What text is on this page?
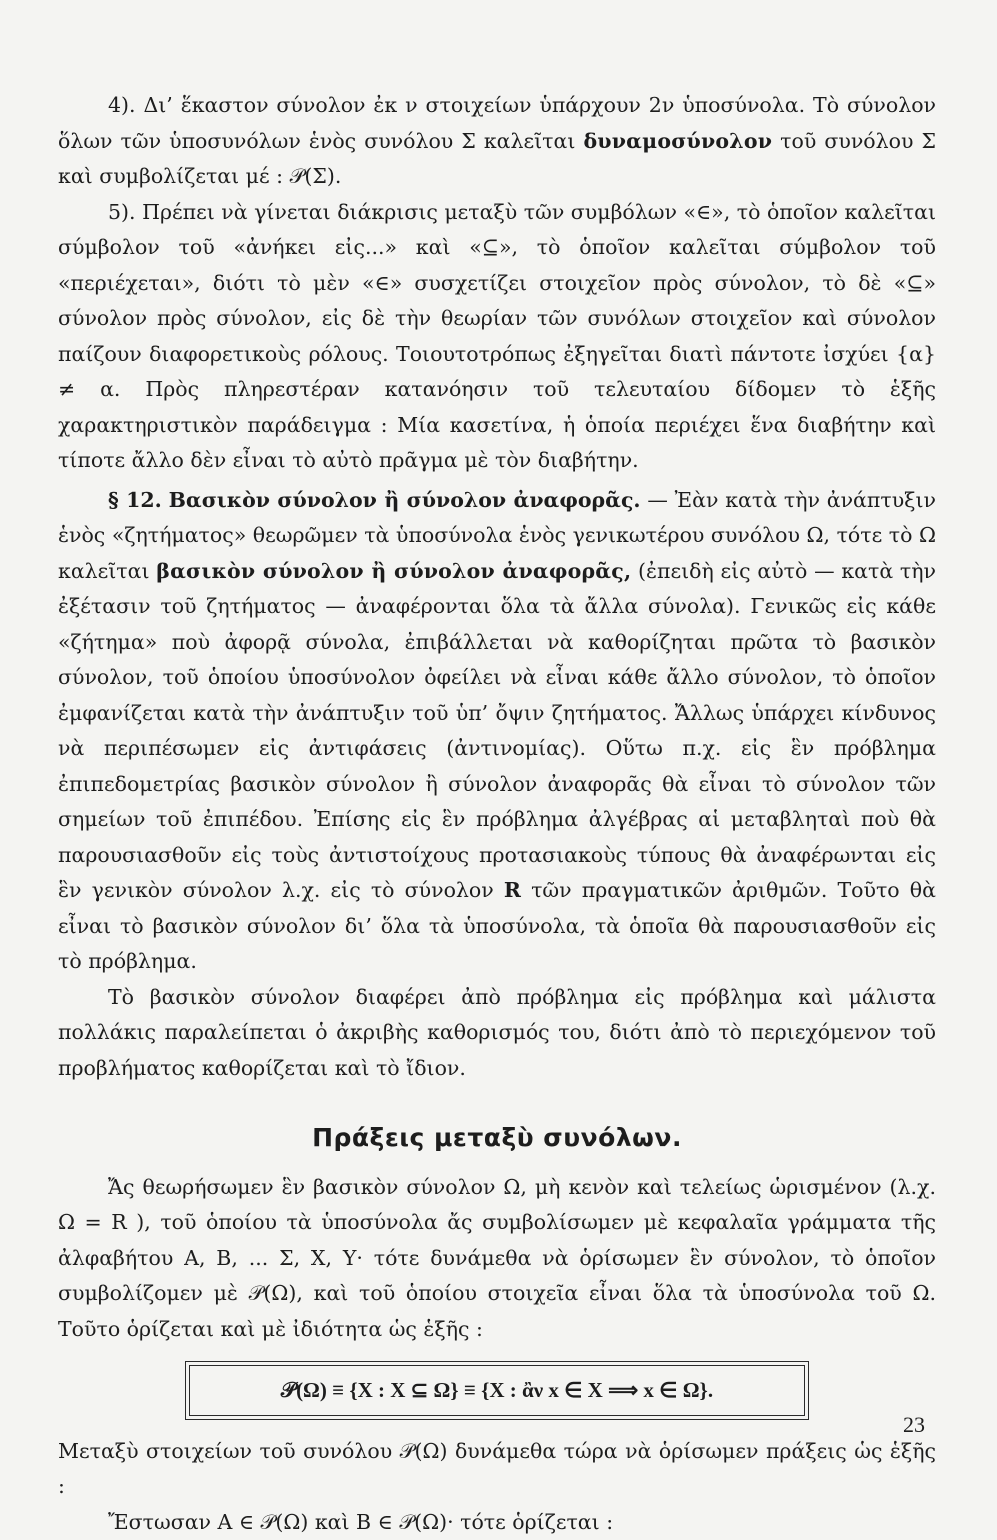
4). Δι’ ἕκαστον σύνολον ἐκ ν στοιχείων ὑπάρχουν 2ν ὑποσύνολα. Τὸ σύνολον ὅλων τῶν ὑποσυνόλων ἑνὸς συνόλου Σ καλεῖται δυναμοσύνολον τοῦ συνόλου Σ καὶ συμβολίζεται μέ : 𝒫(Σ).

5). Πρέπει νὰ γίνεται διάκρισις μεταξὺ τῶν συμβόλων «∈», τὸ ὁποῖον καλεῖται σύμβολον τοῦ «ἀνήκει εἰς...» καὶ «⊆», τὸ ὁποῖον καλεῖται σύμβολον τοῦ «περιέχεται», διότι τὸ μὲν «∈» συσχετίζει στοιχεῖον πρὸς σύνολον, τὸ δὲ «⊆» σύνολον πρὸς σύνολον, εἰς δὲ τὴν θεωρίαν τῶν συνόλων στοιχεῖον καὶ σύνολον παίζουν διαφορετικοὺς ρόλους. Τοιουτοτρόπως ἐξηγεῖται διατὶ πάντοτε ἰσχύει {α} ≠ α. Πρὸς πληρεστέραν κατανόησιν τοῦ τελευταίου δίδομεν τὸ ἑξῆς χαρακτηριστικὸν παράδειγμα : Μία κασετίνα, ἡ ὁποία περιέχει ἕνα διαβήτην καὶ τίποτε ἄλλο δὲν εἶναι τὸ αὐτὸ πρᾶγμα μὲ τὸν διαβήτην.

§ 12. Βασικὸν σύνολον ἢ σύνολον ἀναφορᾶς. — Ἐὰν κατὰ τὴν ἀνάπτυξιν ἑνὸς «ζητήματος» θεωρῶμεν τὰ ὑποσύνολα ἑνὸς γενικωτέρου συνόλου Ω, τότε τὸ Ω καλεῖται βασικὸν σύνολον ἢ σύνολον ἀναφορᾶς, (ἐπειδὴ εἰς αὐτὸ — κατὰ τὴν ἐξέτασιν τοῦ ζητήματος — ἀναφέρονται ὅλα τὰ ἄλλα σύνολα). Γενικῶς εἰς κάθε «ζήτημα» ποὺ ἀφορᾷ σύνολα, ἐπιβάλλεται νὰ καθορίζηται πρῶτα τὸ βασικὸν σύνολον, τοῦ ὁποίου ὑποσύνολον ὀφείλει νὰ εἶναι κάθε ἄλλο σύνολον, τὸ ὁποῖον ἐμφανίζεται κατὰ τὴν ἀνάπτυξιν τοῦ ὑπ’ ὄψιν ζητήματος. Ἄλλως ὑπάρχει κίνδυνος νὰ περιπέσωμεν εἰς ἀντιφάσεις (ἀντινομίας). Οὕτω π.χ. εἰς ἓν πρόβλημα ἐπιπεδομετρίας βασικὸν σύνολον ἢ σύνολον ἀναφορᾶς θὰ εἶναι τὸ σύνολον τῶν σημείων τοῦ ἐπιπέδου. Ἐπίσης εἰς ἓν πρόβλημα ἀλγέβρας αἱ μεταβληταὶ ποὺ θὰ παρουσιασθοῦν εἰς τοὺς ἀντιστοίχους προτασιακοὺς τύπους θὰ ἀναφέρωνται εἰς ἓν γενικὸν σύνολον λ.χ. εἰς τὸ σύνολον R τῶν πραγματικῶν ἀριθμῶν. Τοῦτο θὰ εἶναι τὸ βασικὸν σύνολον δι’ ὅλα τὰ ὑποσύνολα, τὰ ὁποῖα θὰ παρουσιασθοῦν εἰς τὸ πρόβλημα.

Τὸ βασικὸν σύνολον διαφέρει ἀπὸ πρόβλημα εἰς πρόβλημα καὶ μάλιστα πολλάκις παραλείπεται ὁ ἀκριβὴς καθορισμός του, διότι ἀπὸ τὸ περιεχόμενον τοῦ προβλήματος καθορίζεται καὶ τὸ ἴδιον.

Πράξεις μεταξὺ συνόλων.

Ἄς θεωρήσωμεν ἓν βασικὸν σύνολον Ω, μὴ κενὸν καὶ τελείως ὡρισμένον (λ.χ. Ω = R ), τοῦ ὁποίου τὰ ὑποσύνολα ἄς συμβολίσωμεν μὲ κεφαλαῖα γράμματα τῆς ἀλφαβήτου Α, Β, ... Σ, Χ, Υ· τότε δυνάμεθα νὰ ὁρίσωμεν ἓν σύνολον, τὸ ὁποῖον συμβολίζομεν μὲ 𝒫(Ω), καὶ τοῦ ὁποίου στοιχεῖα εἶναι ὅλα τὰ ὑποσύνολα τοῦ Ω. Τοῦτο ὁρίζεται καὶ μὲ ἰδιότητα ὡς ἑξῆς :

𝒫(Ω) ≡ {X : X ⊆ Ω} ≡ {X : ἂν x ∈ X ⟹ x ∈ Ω}.

Μεταξὺ στοιχείων τοῦ συνόλου 𝒫(Ω) δυνάμεθα τώρα νὰ ὁρίσωμεν πράξεις ὡς ἑξῆς :

Ἔστωσαν Α ∈ 𝒫(Ω) καὶ Β ∈ 𝒫(Ω)· τότε ὁρίζεται :

23
